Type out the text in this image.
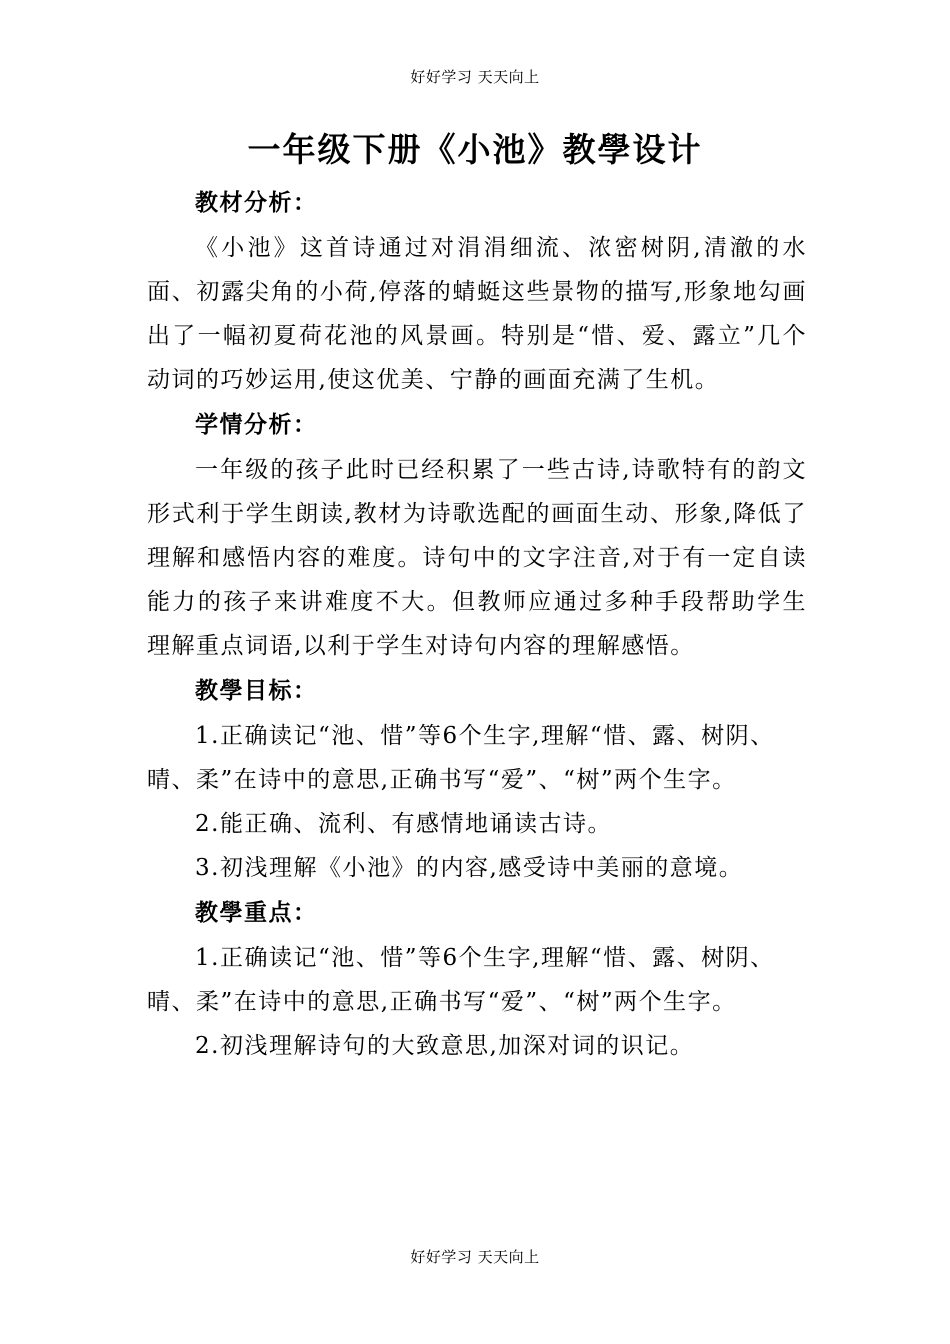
好好学习 天天向上
一年级下册《小池》教學设计
教材分析：

《小池》这首诗通过对涓涓细流、浓密树阴,清澈的水面、初露尖角的小荷,停落的蜻蜓这些景物的描写,形象地勾画出了一幅初夏荷花池的风景画。特别是“惜、爱、露立”几个动词的巧妙运用,使这优美、宁静的画面充满了生机。

学情分析：

一年级的孩子此时已经积累了一些古诗,诗歌特有的韵文形式利于学生朗读,教材为诗歌选配的画面生动、形象,降低了理解和感悟内容的难度。诗句中的文字注音,对于有一定自读能力的孩子来讲难度不大。但教师应通过多种手段帮助学生理解重点词语,以利于学生对诗句内容的理解感悟。

教學目标：

1.正确读记“池、惜”等6个生字,理解“惜、露、树阴、晴、柔”在诗中的意思,正确书写“爱”、“树”两个生字。

2.能正确、流利、有感情地诵读古诗。

3.初浅理解《小池》的内容,感受诗中美丽的意境。

教學重点：

1.正确读记“池、惜”等6个生字,理解“惜、露、树阴、晴、柔”在诗中的意思,正确书写“爱”、“树”两个生字。

2.初浅理解诗句的大致意思,加深对词的识记。

好好学习 天天向上
